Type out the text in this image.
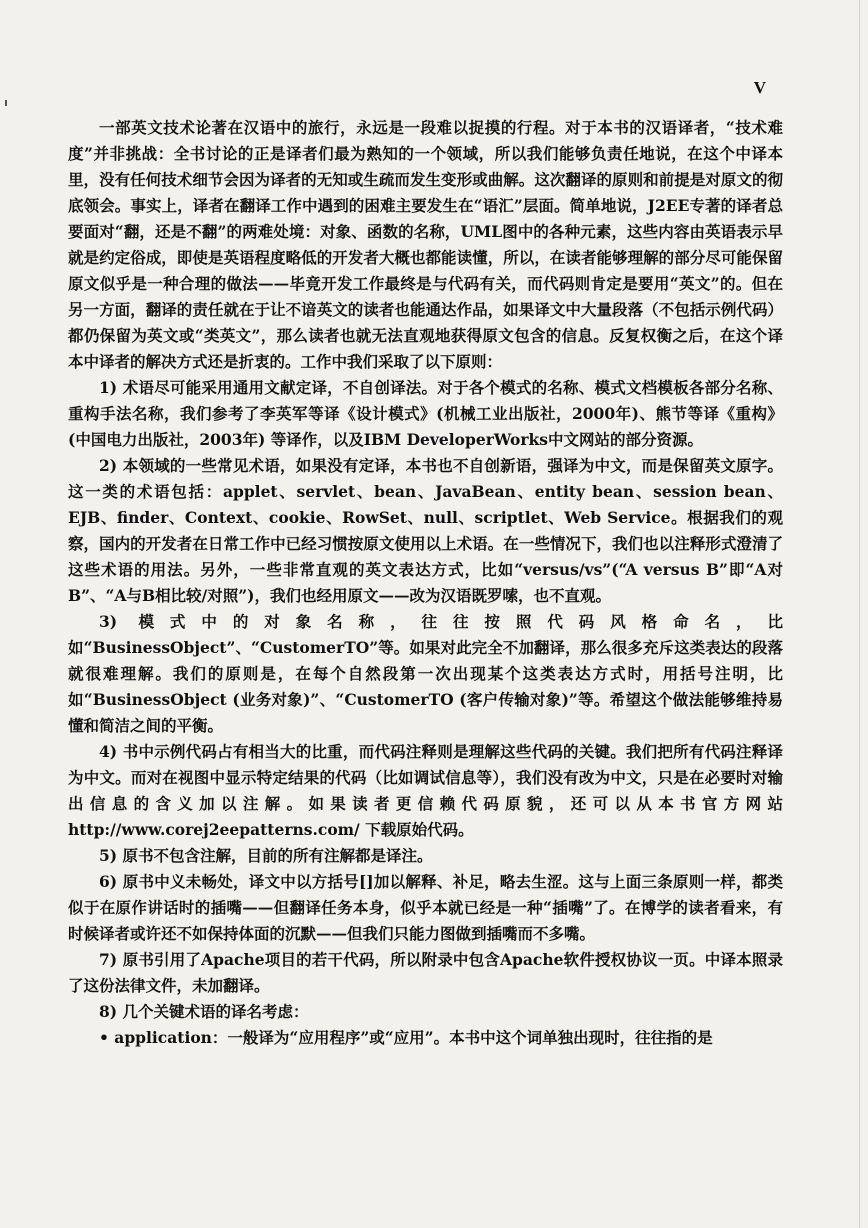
V

一部英文技术论著在汉语中的旅行，永远是一段难以捉摸的行程。对于本书的汉语译者，“技术难度”并非挑战：全书讨论的正是译者们最为熟知的一个领域，所以我们能够负责任地说，在这个中译本里，没有任何技术细节会因为译者的无知或生疏而发生变形或曲解。这次翻译的原则和前提是对原文的彻底领会。事实上，译者在翻译工作中遇到的困难主要发生在“语汇”层面。简单地说，J2EE专著的译者总要面对“翻，还是不翻”的两难处境：对象、函数的名称，UML图中的各种元素，这些内容由英语表示早就是约定俗成，即使是英语程度略低的开发者大概也都能读懂，所以，在读者能够理解的部分尽可能保留原文似乎是一种合理的做法——毕竟开发工作最终是与代码有关，而代码则肯定是要用“英文”的。但在另一方面，翻译的责任就在于让不谙英文的读者也能通达作品，如果译文中大量段落（不包括示例代码）都仍保留为英文或“类英文”，那么读者也就无法直观地获得原文包含的信息。反复权衡之后，在这个译本中译者的解决方式还是折衷的。工作中我们采取了以下原则：

1) 术语尽可能采用通用文献定译，不自创译法。对于各个模式的名称、模式文档模板各部分名称、重构手法名称，我们参考了李英军等译《设计模式》(机械工业出版社，2000年)、熊节等译《重构》(中国电力出版社，2003年) 等译作，以及IBM DeveloperWorks中文网站的部分资源。

2) 本领域的一些常见术语，如果没有定译，本书也不自创新语，强译为中文，而是保留英文原字。这一类的术语包括：applet、servlet、bean、JavaBean、entity bean、session bean、EJB、finder、Context、cookie、RowSet、null、scriptlet、Web Service。根据我们的观察，国内的开发者在日常工作中已经习惯按原文使用以上术语。在一些情况下，我们也以注释形式澄清了这些术语的用法。另外，一些非常直观的英文表达方式，比如“versus/vs”(“A versus B”即“A对B”、“A与B相比较/对照”)，我们也经用原文——改为汉语既罗嗦，也不直观。

3) 模式中的对象名称，往往按照代码风格命名，比如“BusinessObject”、“CustomerTO”等。如果对此完全不加翻译，那么很多充斥这类表达的段落就很难理解。我们的原则是，在每个自然段第一次出现某个这类表达方式时，用括号注明，比如“BusinessObject (业务对象)”、“CustomerTO (客户传输对象)”等。希望这个做法能够维持易懂和简洁之间的平衡。

4) 书中示例代码占有相当大的比重，而代码注释则是理解这些代码的关键。我们把所有代码注释译为中文。而对在视图中显示特定结果的代码（比如调试信息等），我们没有改为中文，只是在必要时对输出信息的含义加以注解。如果读者更信赖代码原貌，还可以从本书官方网站http://www.corej2eepatterns.com/ 下载原始代码。

5) 原书不包含注解，目前的所有注解都是译注。

6) 原书中义未畅处，译文中以方括号[]加以解释、补足，略去生涩。这与上面三条原则一样，都类似于在原作讲话时的插嘴——但翻译任务本身，似乎本就已经是一种“插嘴”了。在博学的读者看来，有时候译者或许还不如保持体面的沉默——但我们只能力图做到插嘴而不多嘴。

7) 原书引用了Apache项目的若干代码，所以附录中包含Apache软件授权协议一页。中译本照录了这份法律文件，未加翻译。

8) 几个关键术语的译名考虑：

• application：一般译为“应用程序”或“应用”。本书中这个词单独出现时，往往指的是
